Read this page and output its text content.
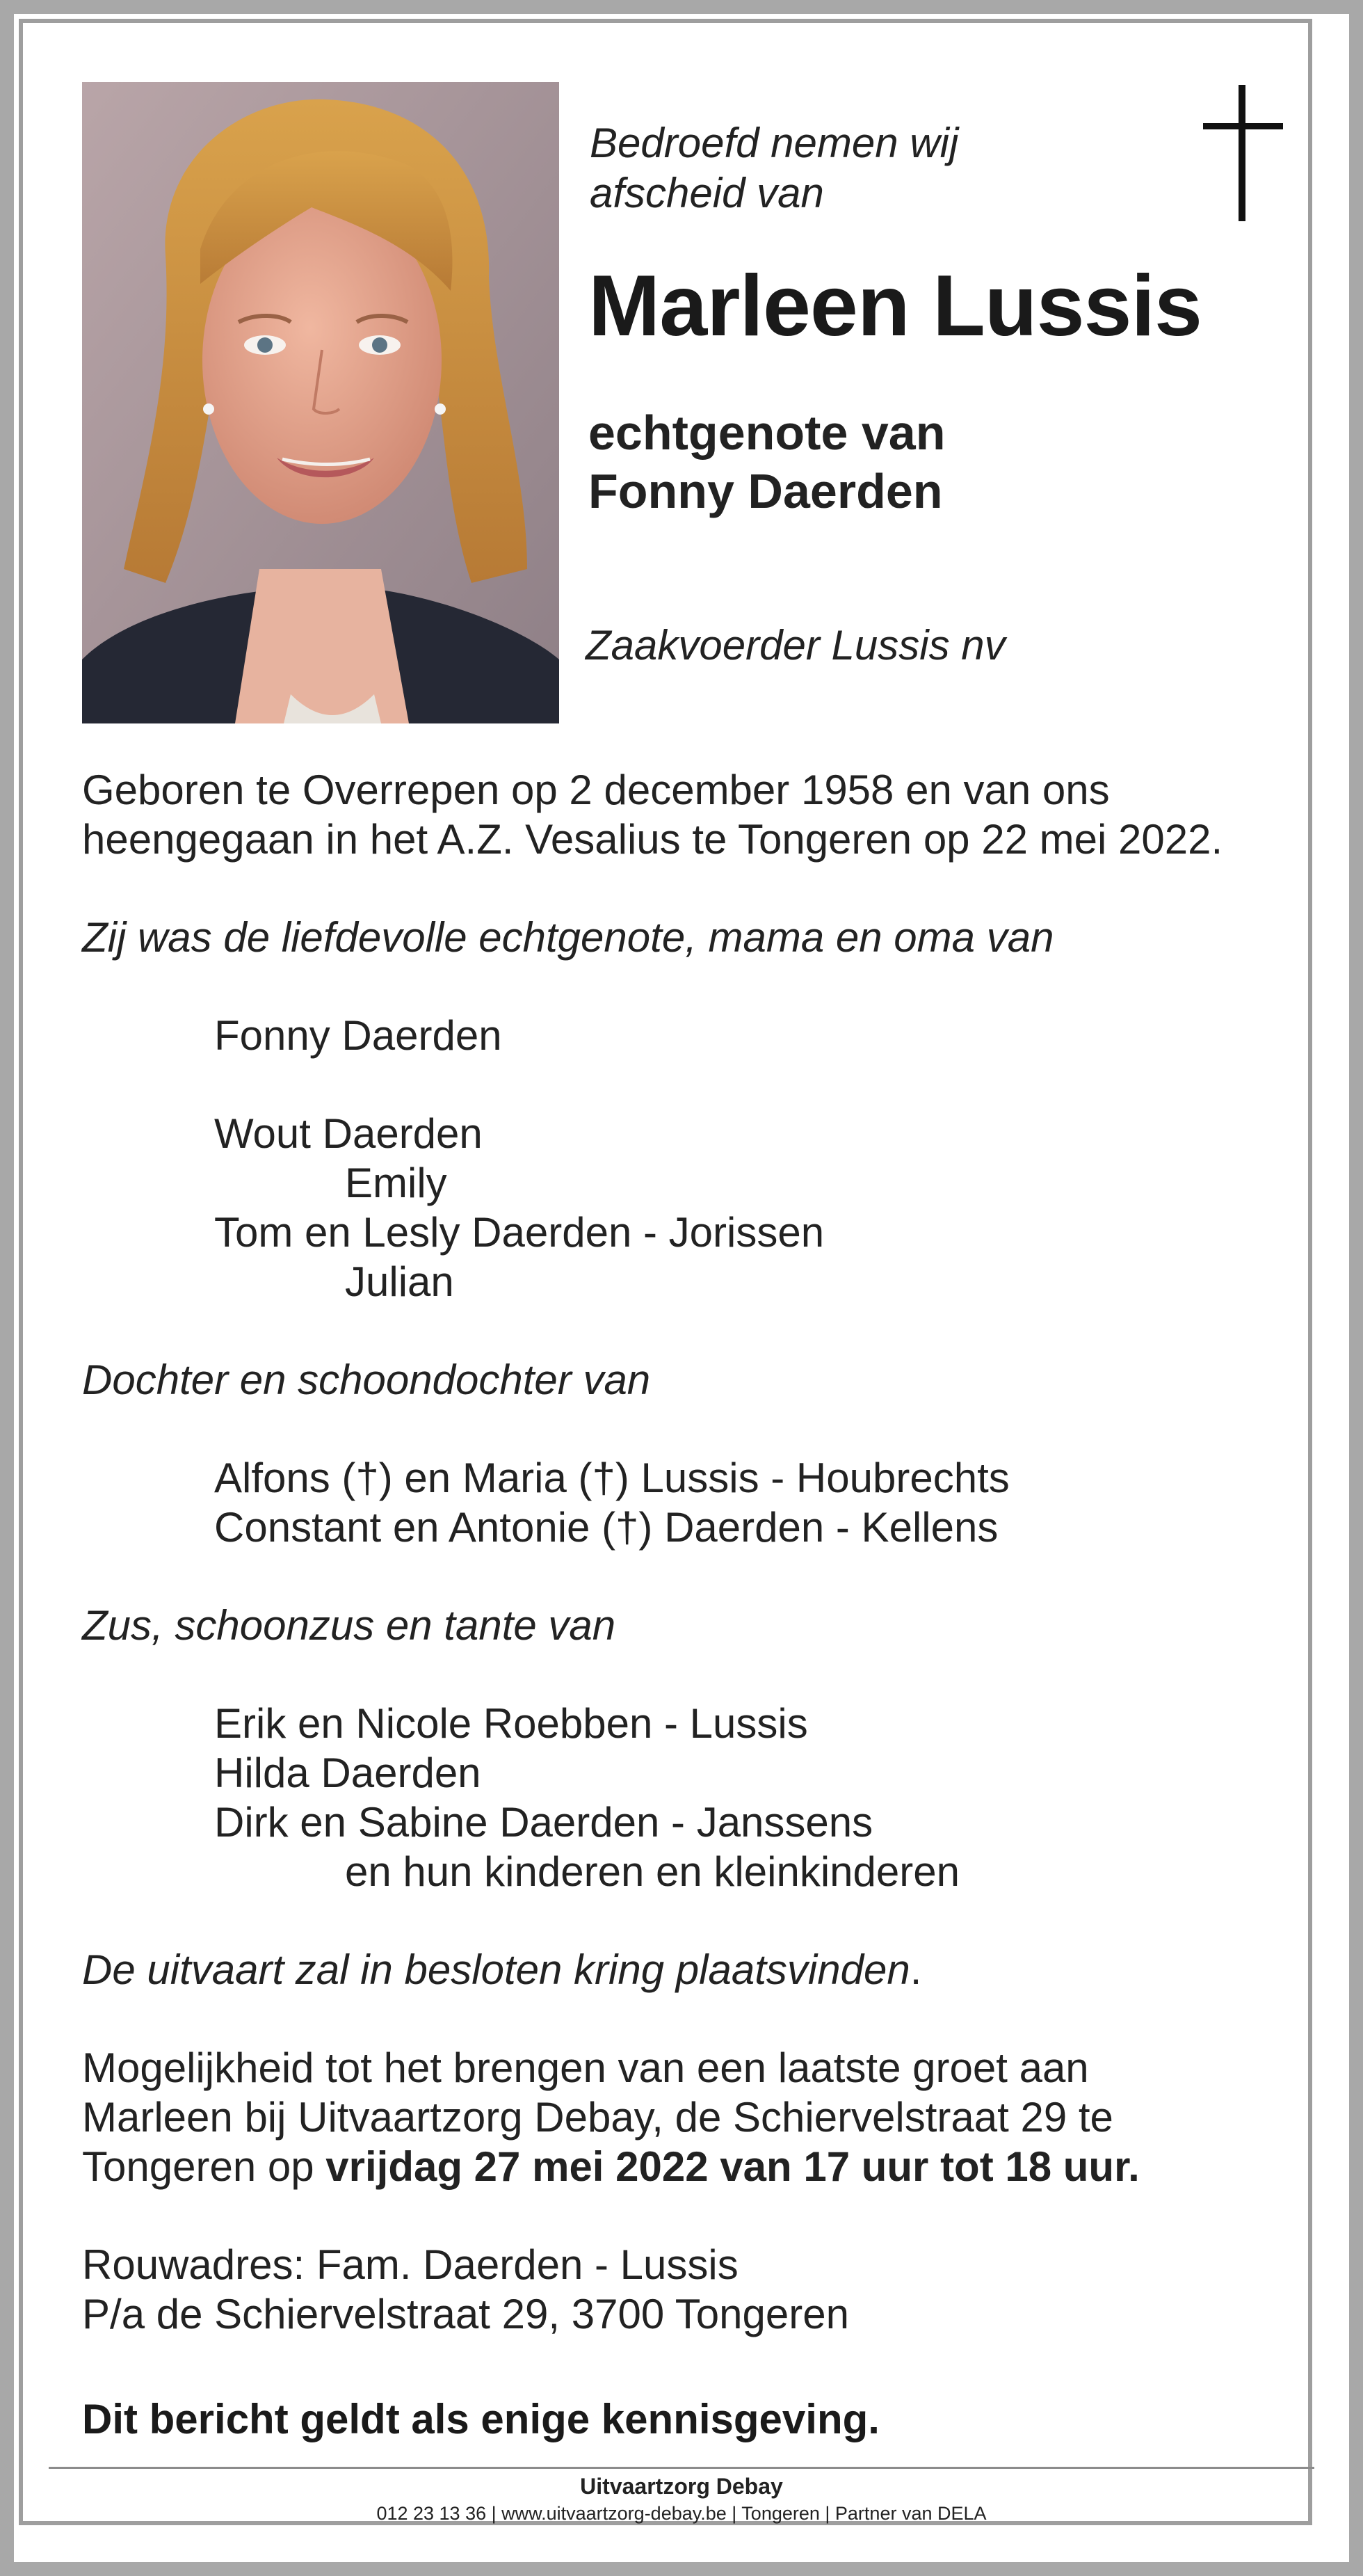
Bedroefd nemen wij
afscheid van
Marleen Lussis
echtgenote van
Fonny Daerden
Zaakvoerder Lussis nv
Geboren te Overrepen op 2 december 1958 en van ons
heengegaan in het A.Z. Vesalius te Tongeren op 22 mei 2022.
Zij was de liefdevolle echtgenote, mama en oma van
Fonny Daerden
Wout Daerden
Emily
Tom en Lesly Daerden - Jorissen
Julian
Dochter en schoondochter van
Alfons (†) en Maria (†) Lussis - Houbrechts
Constant en Antonie (†) Daerden - Kellens
Zus, schoonzus en tante van
Erik en Nicole Roebben - Lussis
Hilda Daerden
Dirk en Sabine Daerden - Janssens
en hun kinderen en kleinkinderen
De uitvaart zal in besloten kring plaatsvinden.
Mogelijkheid tot het brengen van een laatste groet aan
Marleen bij Uitvaartzorg Debay, de Schiervelstraat 29 te
Tongeren op vrijdag 27 mei 2022 van 17 uur tot 18 uur.
Rouwadres: Fam. Daerden - Lussis
P/a de Schiervelstraat 29, 3700 Tongeren
Dit bericht geldt als enige kennisgeving.
Uitvaartzorg Debay
012 23 13 36 | www.uitvaartzorg-debay.be | Tongeren | Partner van DELA
